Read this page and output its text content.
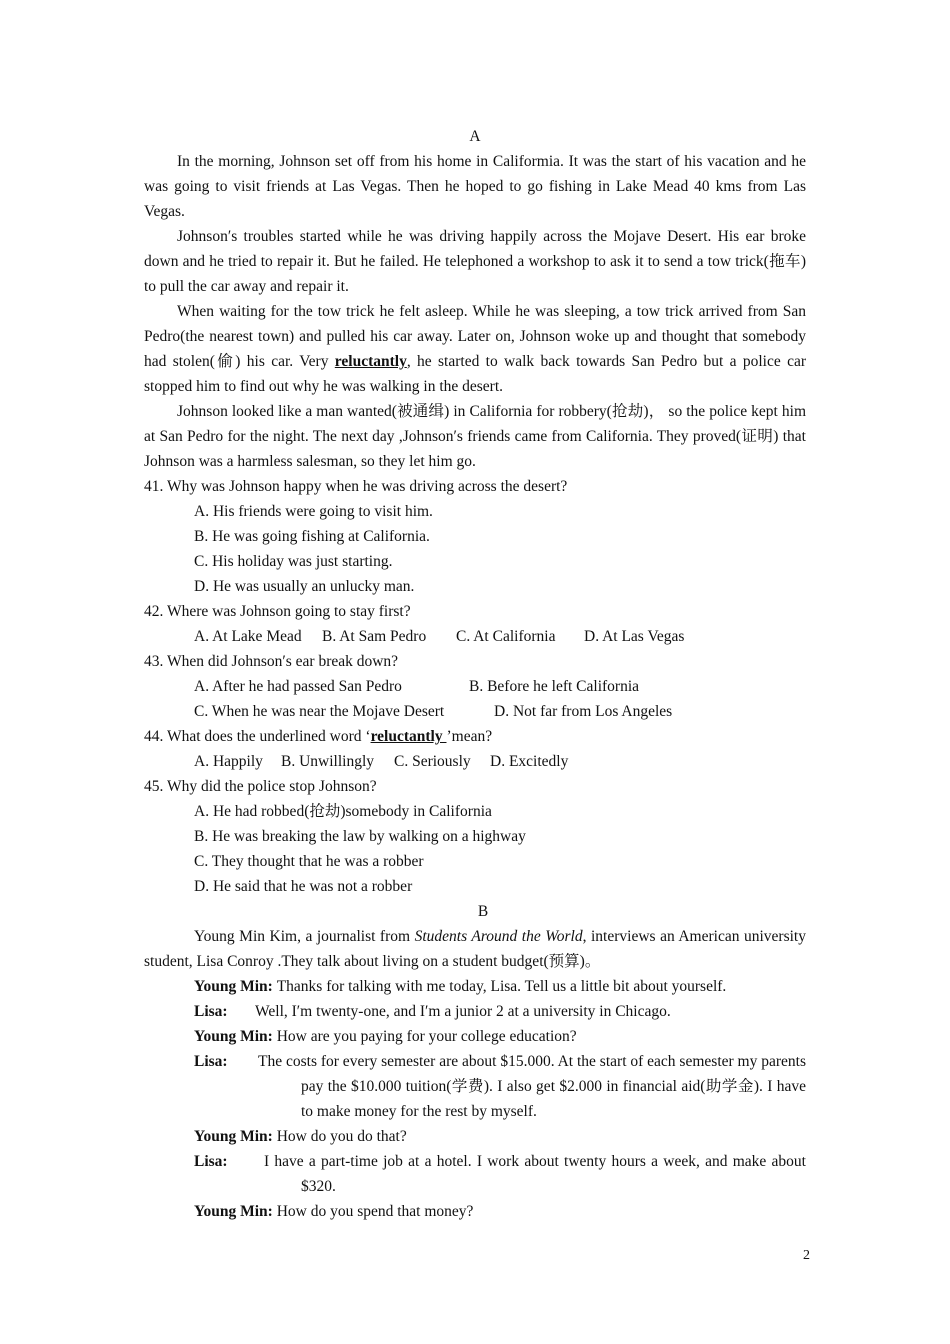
A
In the morning, Johnson set off from his home in Califormia. It was the start of his vacation and he was going to visit friends at Las Vegas. Then he hoped to go fishing in Lake Mead 40 kms from Las Vegas.
Johnson′s troubles started while he was driving happily across the Mojave Desert. His ear broke down and he tried to repair it. But he failed. He telephoned a workshop to ask it to send a tow trick(拖车) to pull the car away and repair it.
When waiting for the tow trick he felt asleep. While he was sleeping, a tow trick arrived from San Pedro(the nearest town) and pulled his car away. Later on, Johnson woke up and thought that somebody had stolen(偷) his car. Very reluctantly, he started to walk back towards San Pedro but a police car stopped him to find out why he was walking in the desert.
Johnson looked like a man wanted(被通缉) in California for robbery(抢劫)， so the police kept him at San Pedro for the night. The next day ,Johnson′s friends came from California. They proved(证明) that Johnson was a harmless salesman, so they let him go.
41. Why was Johnson happy when he was driving across the desert?
A. His friends were going to visit him.
B. He was going fishing at California.
C. His holiday was just starting.
D. He was usually an unlucky man.
42. Where was Johnson going to stay first?
A. At Lake Mead	B. At Sam Pedro	C. At California	D. At Las Vegas
43. When did Johnson′s ear break down?
A. After he had passed San Pedro	B. Before he left California
C. When he was near the Mojave Desert	D. Not far from Los Angeles
44. What does the underlined word ‘reluctantly ’mean?
A. Happily	B. Unwillingly	C. Seriously	D. Excitedly
45. Why did the police stop Johnson?
A. He had robbed(抢劫)somebody in California
B. He was breaking the law by walking on a highway
C. They thought that he was a robber
D. He said that he was not a robber
B
Young Min Kim, a journalist from Students Around the World, interviews an American university student, Lisa Conroy .They talk about living on a student budget(预算)。
Young Min:
Thanks for talking with me today, Lisa. Tell us a little bit about yourself.
Lisa:	Well, I′m twenty-one, and I′m a junior 2 at a university in Chicago.
Young Min:
How are you paying for your college education?
Lisa: The costs for every semester are about $15.000. At the start of each semester my parents pay the $10.000 tuition(学费). I also get $2.000 in financial aid(助学金). I have to make money for the rest by myself.
Young Min:
How do you do that?
Lisa: I have a part-time job at a hotel. I work about twenty hours a week, and make about $320.
Young Min:
How do you spend that money?
2
